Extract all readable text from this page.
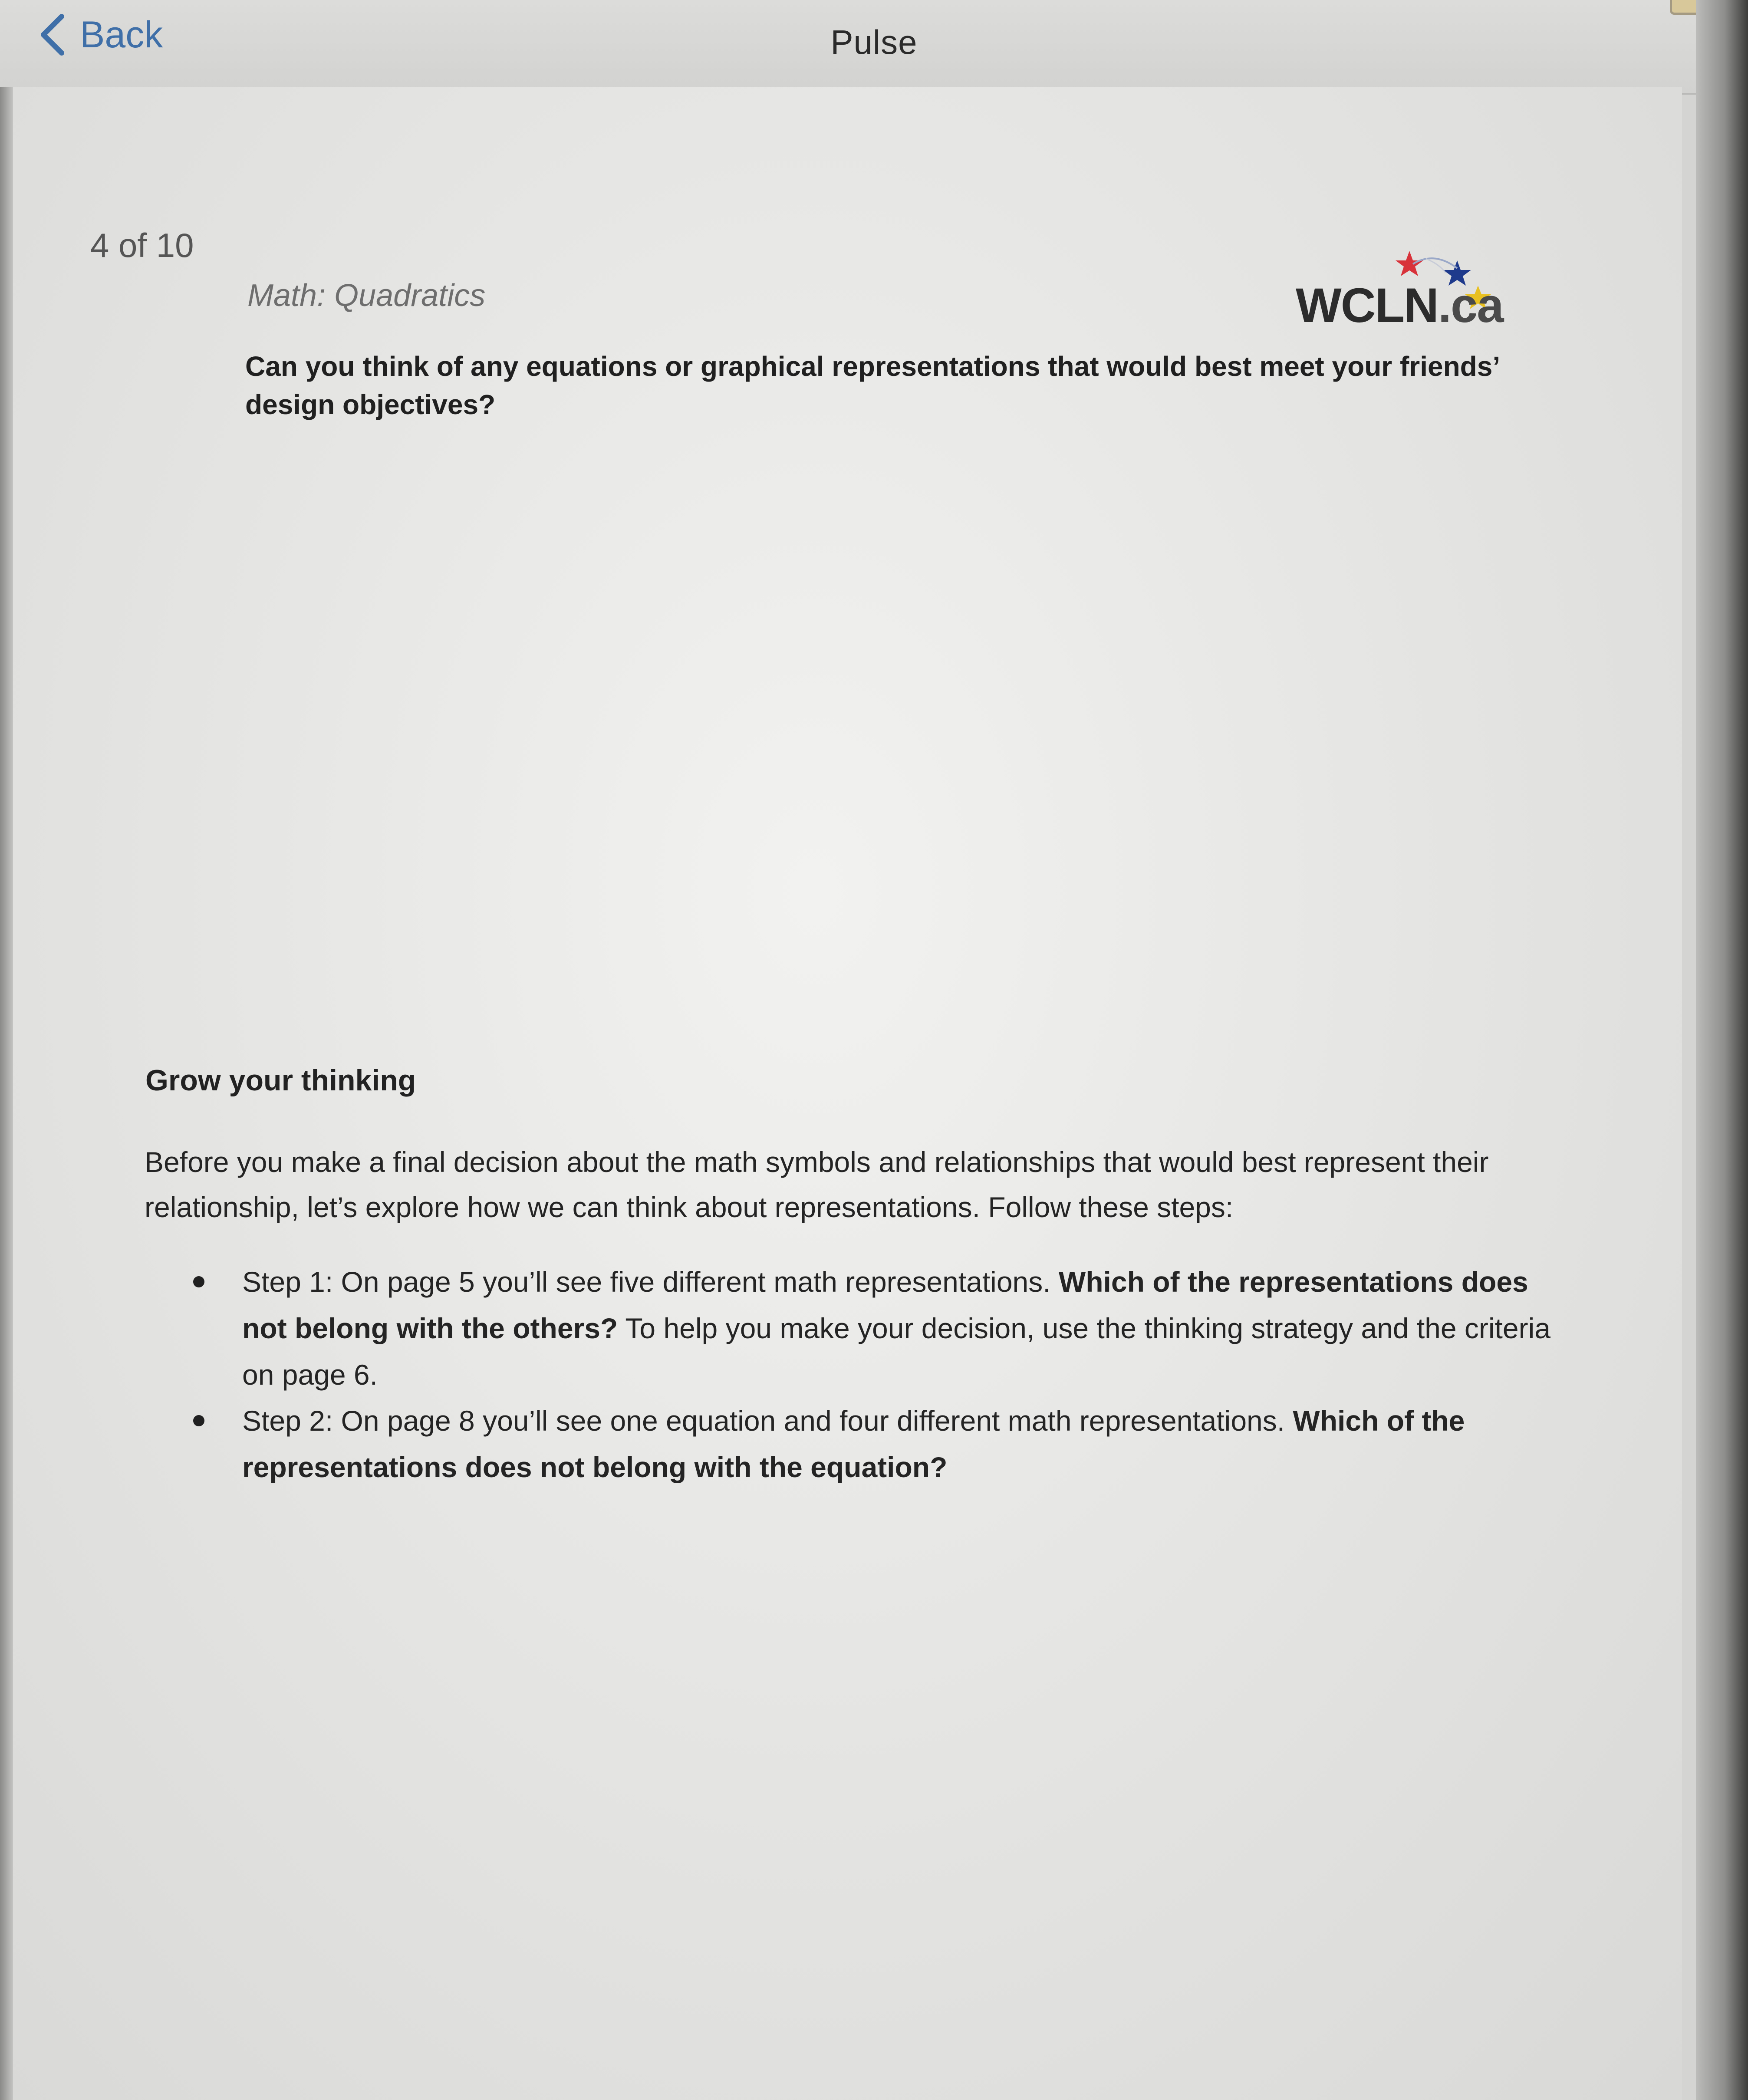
Back	Pulse
4 of 10
Math: Quadratics	WCLN.ca
Can you think of any equations or graphical representations that would best meet your friends’ design objectives?
Grow your thinking
Before you make a final decision about the math symbols and relationships that would best represent their relationship, let’s explore how we can think about representations. Follow these steps:
Step 1: On page 5 you’ll see five different math representations. Which of the representations does not belong with the others? To help you make your decision, use the thinking strategy and the criteria on page 6.
Step 2: On page 8 you’ll see one equation and four different math representations. Which of the representations does not belong with the equation?
